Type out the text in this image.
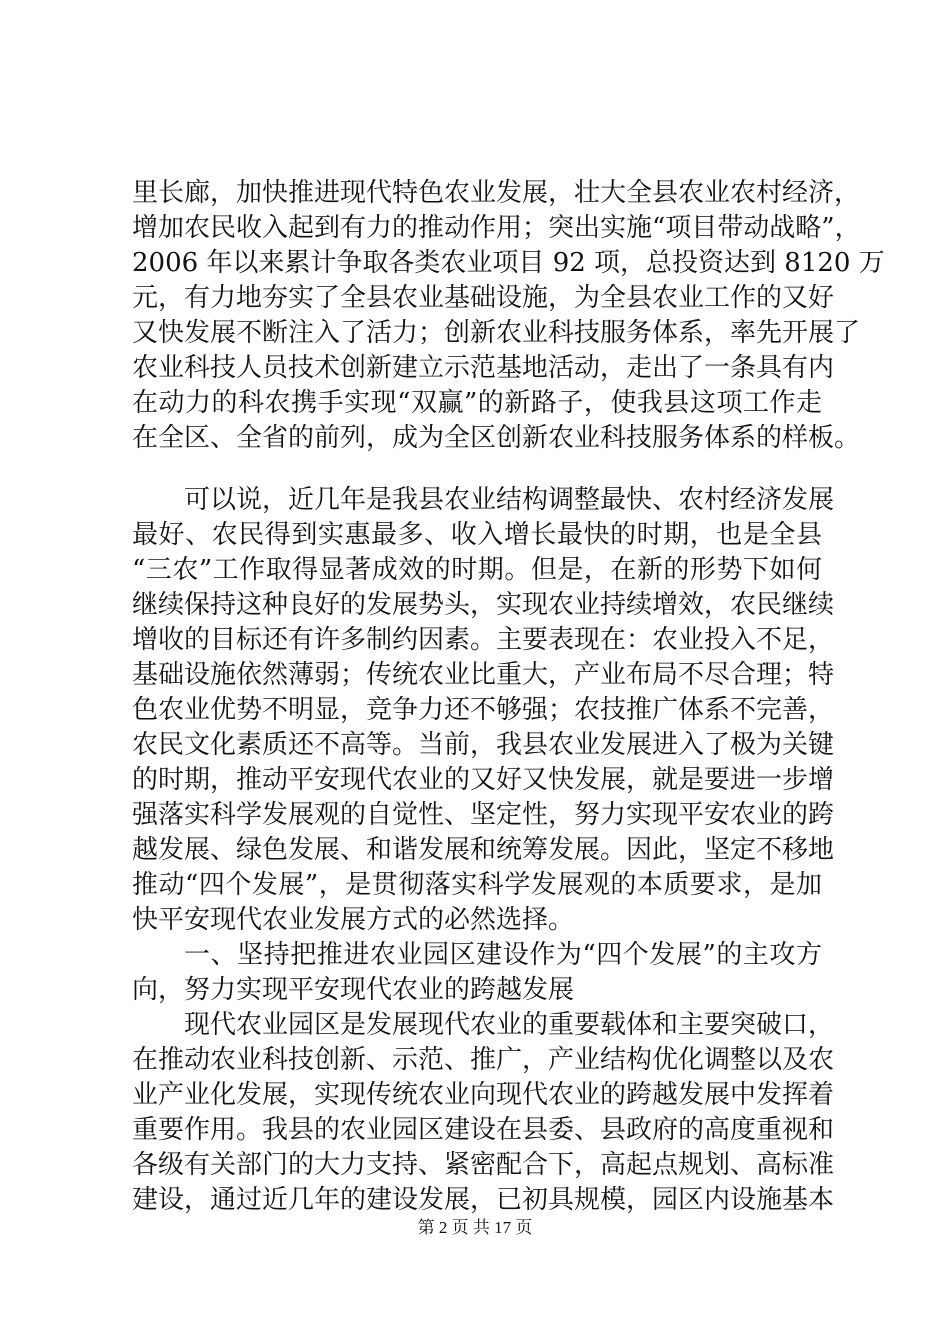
里长廊，加快推进现代特色农业发展，壮大全县农业农村经济，
增加农民收入起到有力的推动作用；突出实施“项目带动战略”，
2006 年以来累计争取各类农业项目 92 项，总投资达到 8120 万
元，有力地夯实了全县农业基础设施，为全县农业工作的又好
又快发展不断注入了活力；创新农业科技服务体系，率先开展了
农业科技人员技术创新建立示范基地活动，走出了一条具有内
在动力的科农携手实现“双赢”的新路子，使我县这项工作走
在全区、全省的前列，成为全区创新农业科技服务体系的样板。
可以说，近几年是我县农业结构调整最快、农村经济发展
最好、农民得到实惠最多、收入增长最快的时期，也是全县
“三农”工作取得显著成效的时期。但是，在新的形势下如何
继续保持这种良好的发展势头，实现农业持续增效，农民继续
增收的目标还有许多制约因素。主要表现在：农业投入不足，
基础设施依然薄弱；传统农业比重大，产业布局不尽合理；特
色农业优势不明显，竞争力还不够强；农技推广体系不完善，
农民文化素质还不高等。当前，我县农业发展进入了极为关键
的时期，推动平安现代农业的又好又快发展，就是要进一步增
强落实科学发展观的自觉性、坚定性，努力实现平安农业的跨
越发展、绿色发展、和谐发展和统筹发展。因此，坚定不移地
推动“四个发展”，是贯彻落实科学发展观的本质要求，是加
快平安现代农业发展方式的必然选择。
一、坚持把推进农业园区建设作为“四个发展”的主攻方
向，努力实现平安现代农业的跨越发展
现代农业园区是发展现代农业的重要载体和主要突破口，
在推动农业科技创新、示范、推广，产业结构优化调整以及农
业产业化发展，实现传统农业向现代农业的跨越发展中发挥着
重要作用。我县的农业园区建设在县委、县政府的高度重视和
各级有关部门的大力支持、紧密配合下，高起点规划、高标准
建设，通过近几年的建设发展，已初具规模，园区内设施基本
第 2 页 共 17 页
